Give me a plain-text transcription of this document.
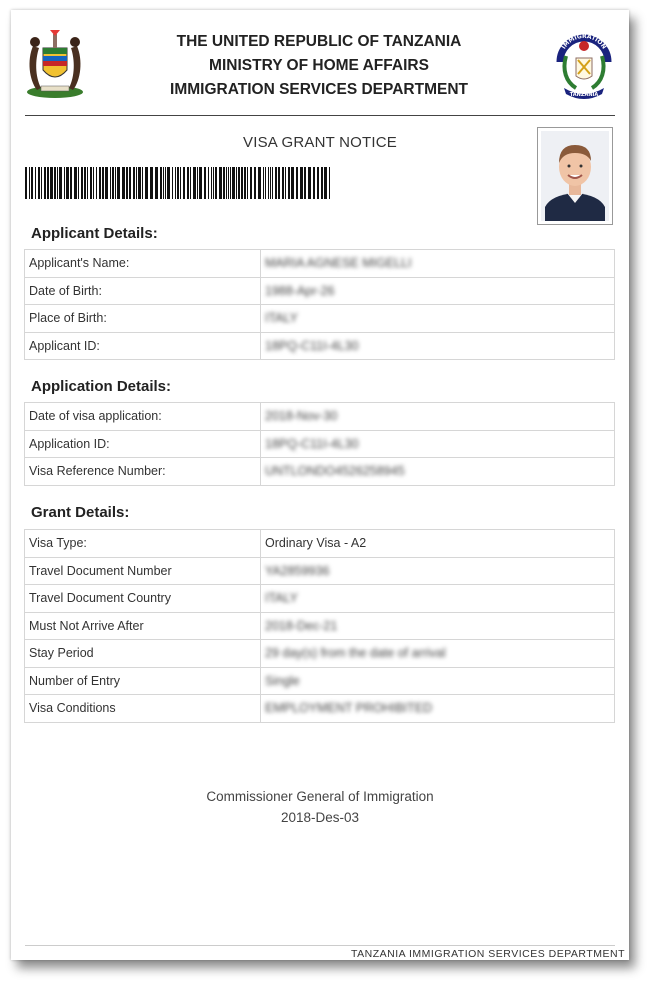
THE UNITED REPUBLIC OF TANZANIA
MINISTRY OF HOME AFFAIRS
IMMIGRATION SERVICES DEPARTMENT
IMMIGRATION
TANZANIA
VISA GRANT NOTICE
Applicant Details:
Applicant's Name:	MARIA AGNESE MIGELLI
Date of Birth:	1988-Apr-26
Place of Birth:	ITALY
Applicant ID:	18PQ-C11I-4L30
Application Details:
Date of visa application:	2018-Nov-30
Application ID:	18PQ-C11I-4L30
Visa Reference Number:	UNTLONDO4526258945
Grant Details:
Visa Type:	Ordinary Visa - A2
Travel Document Number	YA2859936
Travel Document Country	ITALY
Must Not Arrive After	2018-Dec-21
Stay Period	29 day(s) from the date of arrival
Number of Entry	Single
Visa Conditions	EMPLOYMENT PROHIBITED
Commissioner General of Immigration
2018-Des-03
TANZANIA IMMIGRATION SERVICES DEPARTMENT
